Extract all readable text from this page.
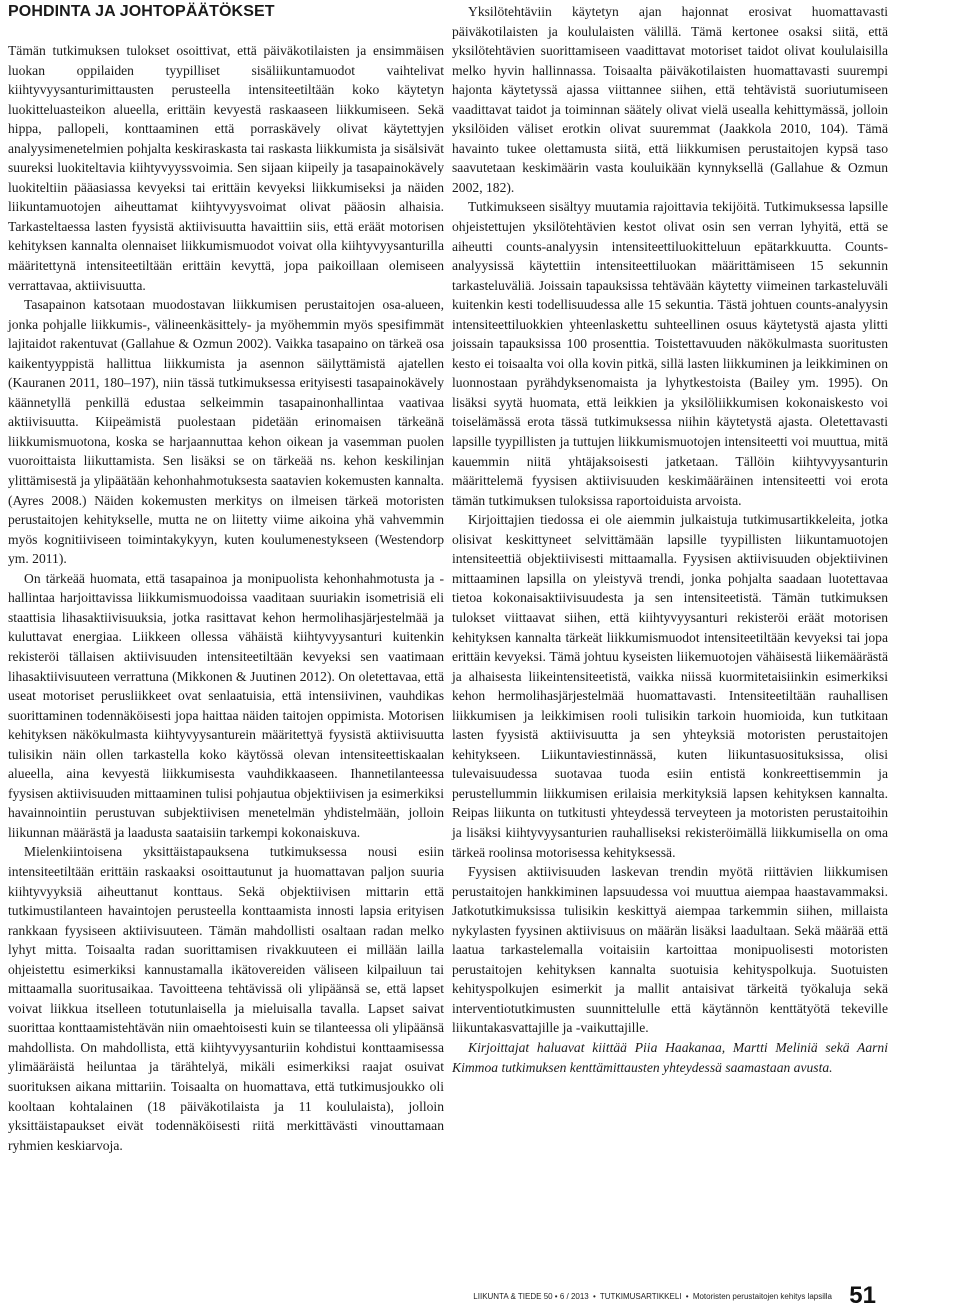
POHDINTA JA JOHTOPÄÄTÖKSET

Tämän tutkimuksen tulokset osoittivat, että päiväkotilaisten ja ensimmäisen luokan oppilaiden tyypilliset sisäliikuntamuodot vaihtelivat kiihtyvyysanturimittausten perusteella intensiteetiltään koko käytetyn luokitteluasteikon alueella, erittäin kevyestä raskaaseen liikkumiseen. Sekä hippa, pallopeli, konttaaminen että porraskävely olivat käytettyjen analyysimenetelmien pohjalta keskiraskasta tai raskasta liikkumista ja sisälsivät suureksi luokiteltavia kiihtyvyyssvoimia. Sen sijaan kiipeily ja tasapainokävely luokiteltiin pääasiassa kevyeksi tai erittäin kevyeksi liikkumiseksi ja näiden liikuntamuotojen aiheuttamat kiihtyvyysvoimat olivat pääosin alhaisia. Tarkasteltaessa lasten fyysistä aktiivisuutta havaittiin siis, että eräät motorisen kehityksen kannalta olennaiset liikkumismuodot voivat olla kiihtyvyysanturilla määritettynä intensiteetiltään erittäin kevyttä, jopa paikoillaan olemiseen verrattavaa, aktiivisuutta.

Tasapainon katsotaan muodostavan liikkumisen perustaitojen osa-alueen, jonka pohjalle liikkumis-, välineenkäsittely- ja myöhemmin myös spesifimmät lajitaidot rakentuvat (Gallahue & Ozmun 2002). Vaikka tasapaino on tärkeä osa kaikentyyppistä hallittua liikkumista ja asennon säilyttämistä ajatellen (Kauranen 2011, 180–197), niin tässä tutkimuksessa erityisesti tasapainokävely käännetyllä penkillä edustaa selkeimmin tasapainonhallintaa vaativaa aktiivisuutta. Kiipeämistä puolestaan pidetään erinomaisen tärkeänä liikkumismuotona, koska se harjaannuttaa kehon oikean ja vasemman puolen vuoroittaista liikuttamista. Sen lisäksi se on tärkeää ns. kehon keskilinjan ylittämisestä ja ylipäätään kehonhahmotuksesta saatavien kokemusten kannalta. (Ayres 2008.) Näiden kokemusten merkitys on ilmeisen tärkeä motoristen perustaitojen kehitykselle, mutta ne on liitetty viime aikoina yhä vahvemmin myös kognitiiviseen toimintakykyyn, kuten koulumenestykseen (Westendorp ym. 2011).

On tärkeää huomata, että tasapainoa ja monipuolista kehonhahmotusta ja -hallintaa harjoittavissa liikkumismuodoissa vaaditaan suuriakin isometrisiä eli staattisia lihasaktiivisuuksia, jotka rasittavat kehon hermolihasjärjestelmää ja kuluttavat energiaa. Liikkeen ollessa vähäistä kiihtyvyysanturi kuitenkin rekisteröi tällaisen aktiivisuuden intensiteetiltään kevyeksi sen vaatimaan lihasaktiivisuuteen verrattuna (Mikkonen & Juutinen 2012). On oletettavaa, että useat motoriset perusliikkeet ovat senlaatuisia, että intensiivinen, vauhdikas suorittaminen todennäköisesti jopa haittaa näiden taitojen oppimista. Motorisen kehityksen näkökulmasta kiihtyvyysanturein määritettyä fyysistä aktiivisuutta tulisikin näin ollen tarkastella koko käytössä olevan intensiteettiskaalan alueella, aina kevyestä liikkumisesta vauhdikkaaseen. Ihannetilanteessa fyysisen aktiivisuuden mittaaminen tulisi pohjautua objektiivisen ja esimerkiksi havainnointiin perustuvan subjektiivisen menetelmän yhdistelmään, jolloin liikunnan määrästä ja laadusta saataisiin tarkempi kokonaiskuva.

Mielenkiintoisena yksittäistapauksena tutkimuksessa nousi esiin intensiteetiltään erittäin raskaaksi osoittautunut ja huomattavan paljon suuria kiihtyvyyksiä aiheuttanut konttaus. Sekä objektiivisen mittarin että tutkimustilanteen havaintojen perusteella konttaamista innosti lapsia erityisen rankkaan fyysiseen aktiivisuuteen. Tämän mahdollisti osaltaan radan melko lyhyt mitta. Toisaalta radan suorittamisen rivakkuuteen ei millään lailla ohjeistettu esimerkiksi kannustamalla ikätovereiden väliseen kilpailuun tai mittaamalla suoritusaikaa. Tavoitteena tehtävissä oli ylipäänsä se, että lapset voivat liikkua itselleen totutunlaisella ja mieluisalla tavalla. Lapset saivat suorittaa konttaamistehtävän niin omaehtoisesti kuin se tilanteessa oli ylipäänsä mahdollista. On mahdollista, että kiihtyvyysanturiin kohdistui konttaamisessa ylimääräistä heiluntaa ja tärähtelyä, mikäli esimerkiksi raajat osuivat suorituksen aikana mittariin. Toisaalta on huomattava, että tutkimusjoukko oli kooltaan kohtalainen (18 päiväkotilaista ja 11 koululaista), jolloin yksittäistapaukset eivät todennäköisesti riitä merkittävästi vinouttamaan ryhmien keskiarvoja.

Yksilötehtäviin käytetyn ajan hajonnat erosivat huomattavasti päiväkotilaisten ja koululaisten välillä. Tämä kertonee osaksi siitä, että yksilötehtävien suorittamiseen vaadittavat motoriset taidot olivat koululaisilla melko hyvin hallinnassa. Toisaalta päiväkotilaisten huomattavasti suurempi hajonta käytetyssä ajassa viittannee siihen, että tehtävistä suoriutumiseen vaadittavat taidot ja toiminnan säätely olivat vielä usealla kehittymässä, jolloin yksilöiden väliset erotkin olivat suuremmat (Jaakkola 2010, 104). Tämä havainto tukee olettamusta siitä, että liikkumisen perustaitojen kypsä taso saavutetaan keskimäärin vasta kouluikään kynnyksellä (Gallahue & Ozmun 2002, 182).

Tutkimukseen sisältyy muutamia rajoittavia tekijöitä. Tutkimuksessa lapsille ohjeistettujen yksilötehtävien kestot olivat osin sen verran lyhyitä, että se aiheutti counts-analyysin intensiteettiluokitteluun epätarkkuutta. Counts-analyysissä käytettiin intensiteettiluokan määrittämiseen 15 sekunnin tarkasteluväliä. Joissain tapauksissa tehtävään käytetty viimeinen tarkasteluväli kuitenkin kesti todellisuudessa alle 15 sekuntia. Tästä johtuen counts-analyysin intensiteettiluokkien yhteenlaskettu suhteellinen osuus käytetystä ajasta ylitti joissain tapauksissa 100 prosenttia. Toistettavuuden näkökulmasta suoritusten kesto ei toisaalta voi olla kovin pitkä, sillä lasten liikkuminen ja leikkiminen on luonnostaan pyrähdyksenomaista ja lyhytkestoista (Bailey ym. 1995). On lisäksi syytä huomata, että leikkien ja yksilöliikkumisen kokonaiskesto voi toiselämässä erota tässä tutkimuksessa niihin käytetystä ajasta. Oletettavasti lapsille tyypillisten ja tuttujen liikkumismuotojen intensiteetti voi muuttua, mitä kauemmin niitä yhtäjaksoisesti jatketaan. Tällöin kiihtyvyysanturin määrittelemä fyysisen aktiivisuuden keskimääräinen intensiteetti voi erota tämän tutkimuksen tuloksissa raportoiduista arvoista.

Kirjoittajien tiedossa ei ole aiemmin julkaistuja tutkimusartikkeleita, jotka olisivat keskittyneet selvittämään lapsille tyypillisten liikuntamuotojen intensiteettiä objektiivisesti mittaamalla. Fyysisen aktiivisuuden objektiivinen mittaaminen lapsilla on yleistyvä trendi, jonka pohjalta saadaan luotettavaa tietoa kokonaisaktiivisuudesta ja sen intensiteetistä. Tämän tutkimuksen tulokset viittaavat siihen, että kiihtyvyysanturi rekisteröi eräät motorisen kehityksen kannalta tärkeät liikkumismuodot intensiteetiltään kevyeksi tai jopa erittäin kevyeksi. Tämä johtuu kyseisten liikemuotojen vähäisestä liikemäärästä ja alhaisesta liikeintensiteetistä, vaikka niissä kuormitetaisiinkin esimerkiksi kehon hermolihasjärjestelmää huomattavasti. Intensiteetiltään rauhallisen liikkumisen ja leikkimisen rooli tulisikin tarkoin huomioida, kun tutkitaan lasten fyysistä aktiivisuutta ja sen yhteyksiä motoristen perustaitojen kehitykseen. Liikuntaviestinnässä, kuten liikuntasuosituksissa, olisi tulevaisuudessa suotavaa tuoda esiin entistä konkreettisemmin ja perustellummin liikkumisen erilaisia merkityksiä lapsen kehityksen kannalta. Reipas liikunta on tutkitusti yhteydessä terveyteen ja motoristen perustaitoihin ja lisäksi kiihtyvyysanturien rauhalliseksi rekisteröimällä liikkumisella on oma tärkeä roolinsa motorisessa kehityksessä.

Fyysisen aktiivisuuden laskevan trendin myötä riittävien liikkumisen perustaitojen hankkiminen lapsuudessa voi muuttua aiempaa haastavammaksi. Jatkotutkimuksissa tulisikin keskittyä aiempaa tarkemmin siihen, millaista nykylasten fyysinen aktiivisuus on määrän lisäksi laadultaan. Sekä määrää että laatua tarkastelemalla voitaisiin kartoittaa monipuolisesti motoristen perustaitojen kehityksen kannalta suotuisia kehityspolkuja. Suotuisten kehityspolkujen esimerkit ja mallit antaisivat tärkeitä työkaluja sekä interventiotutkimusten suunnittelulle että käytännön kenttätyötä tekeville liikuntakasvattajille ja -vaikuttajille.

Kirjoittajat haluavat kiittää Piia Haakanaa, Martti Meliniä sekä Aarni Kimmoa tutkimuksen kenttämittausten yhteydessä saamastaan avusta.

LIIKUNTA & TIEDE 50 • 6 / 2013 • TUTKIMUSARTIKKELI • Motoristen perustaitojen kehitys lapsilla 51
